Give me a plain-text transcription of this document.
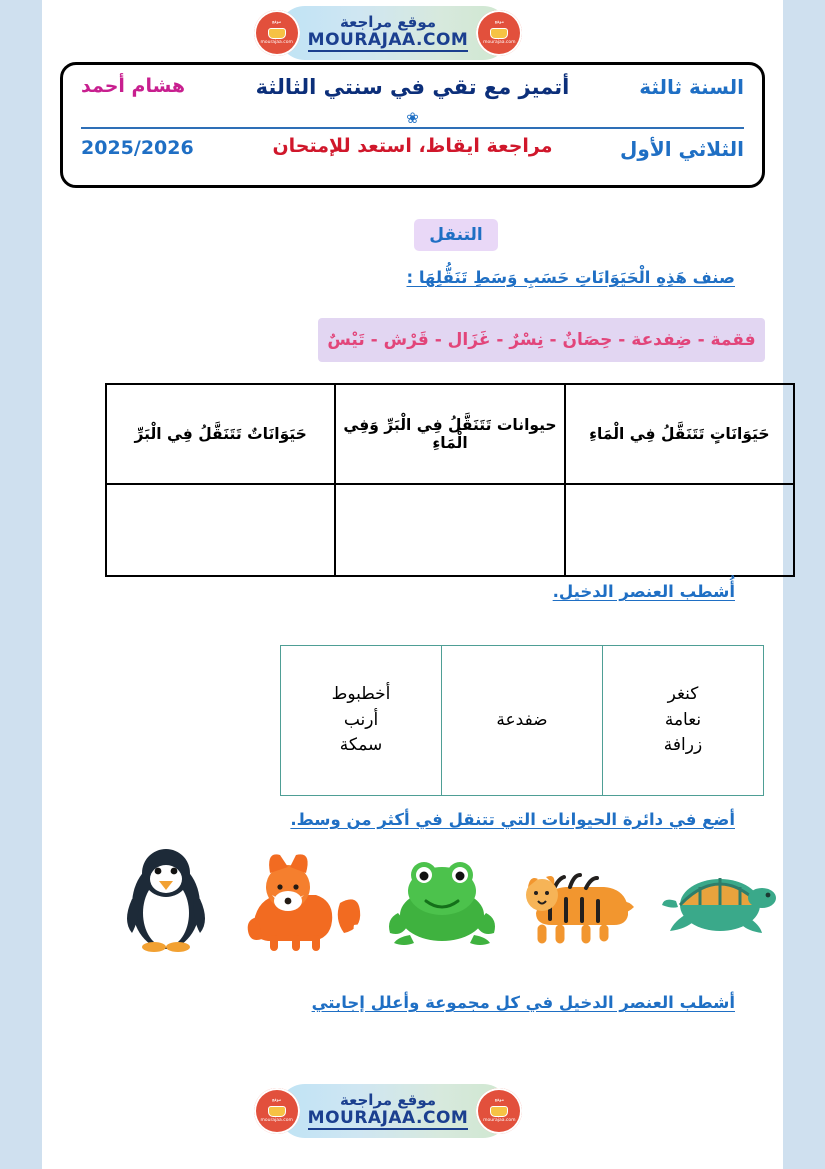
السنة ثالثة
الثلاثي الأول
أتميز مع تقي في سنتي الثالثة
❀
مراجعة ايقاظ، استعد للإمتحان
هشام أحمد
2025/2026
التنقل
صنف هَذِهِ الْحَيَوَانَاتِ حَسَبِ وَسَطِ تَنَقُّلِهَا :
فقمة - ضِفدعة - حِصَانٌ - نِسْرٌ - غَزَال - قَرْش - تَيْسٌ
حَيَوَانَاتٍ تَتَنَقَّلُ فِي الْمَاءِ	حيوانات تَتَنَقَّلُ فِي الْبَرِّ وَفِي الْمَاءِ	حَيَوَانَاتٌ تَتَنَقَّلُ فِي الْبَرِّ

أُشطب العنصر الدخيل.
كنغر
نعامة
زرافة

ضفدعة

أخطبوط
أرنب
سمكة
أضع في دائرة الحيوانات التي تتنقل في أكثر من وسط.
أشطب العنصر الدخيل في كل مجموعة وأعلل إجابتي
موقع
mourajaa.com
موقع مراجعة
MOURAJAA.COM
موقع
mourajaa.com
موقع
mourajaa.com
موقع مراجعة
MOURAJAA.COM
موقع
mourajaa.com
